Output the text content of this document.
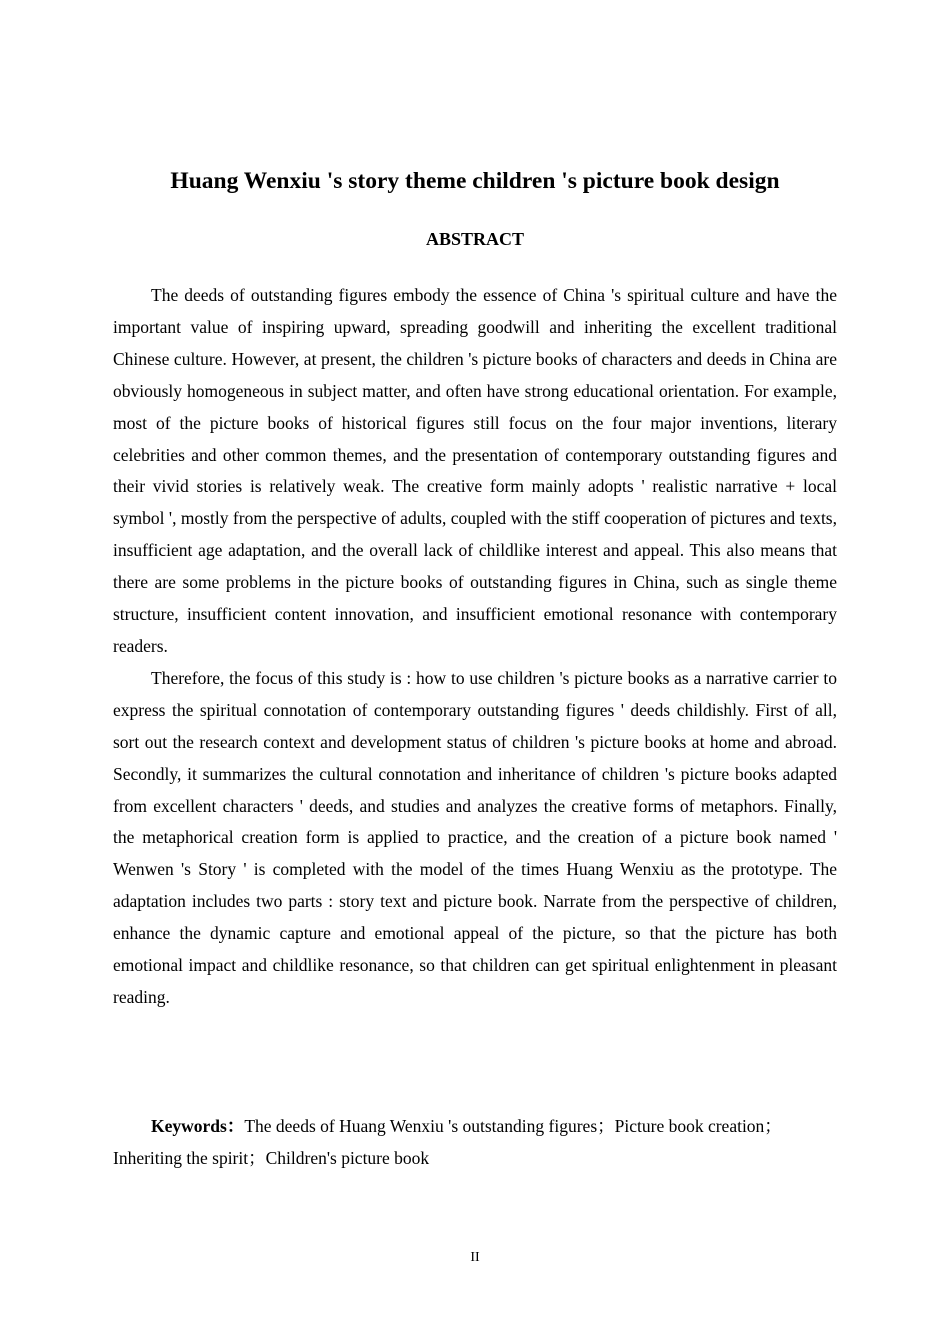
Huang Wenxiu 's story theme children 's picture book design
ABSTRACT

The deeds of outstanding figures embody the essence of China 's spiritual culture and have the important value of inspiring upward, spreading goodwill and inheriting the excellent traditional Chinese culture. However, at present, the children 's picture books of characters and deeds in China are obviously homogeneous in subject matter, and often have strong educational orientation. For example, most of the picture books of historical figures still focus on the four major inventions, literary celebrities and other common themes, and the presentation of contemporary outstanding figures and their vivid stories is relatively weak. The creative form mainly adopts ' realistic narrative + local symbol ', mostly from the perspective of adults, coupled with the stiff cooperation of pictures and texts, insufficient age adaptation, and the overall lack of childlike interest and appeal. This also means that there are some problems in the picture books of outstanding figures in China, such as single theme structure, insufficient content innovation, and insufficient emotional resonance with contemporary readers.

Therefore, the focus of this study is : how to use children 's picture books as a narrative carrier to express the spiritual connotation of contemporary outstanding figures ' deeds childishly. First of all, sort out the research context and development status of children 's picture books at home and abroad. Secondly, it summarizes the cultural connotation and inheritance of children 's picture books adapted from excellent characters ' deeds, and studies and analyzes the creative forms of metaphors. Finally, the metaphorical creation form is applied to practice, and the creation of a picture book named ' Wenwen 's Story ' is completed with the model of the times Huang Wenxiu as the prototype. The adaptation includes two parts : story text and picture book. Narrate from the perspective of children, enhance the dynamic capture and emotional appeal of the picture, so that the picture has both emotional impact and childlike resonance, so that children can get spiritual enlightenment in pleasant reading.

Keywords：The deeds of Huang Wenxiu 's outstanding figures；Picture book creation；Inheriting the spirit；Children's picture book
II
